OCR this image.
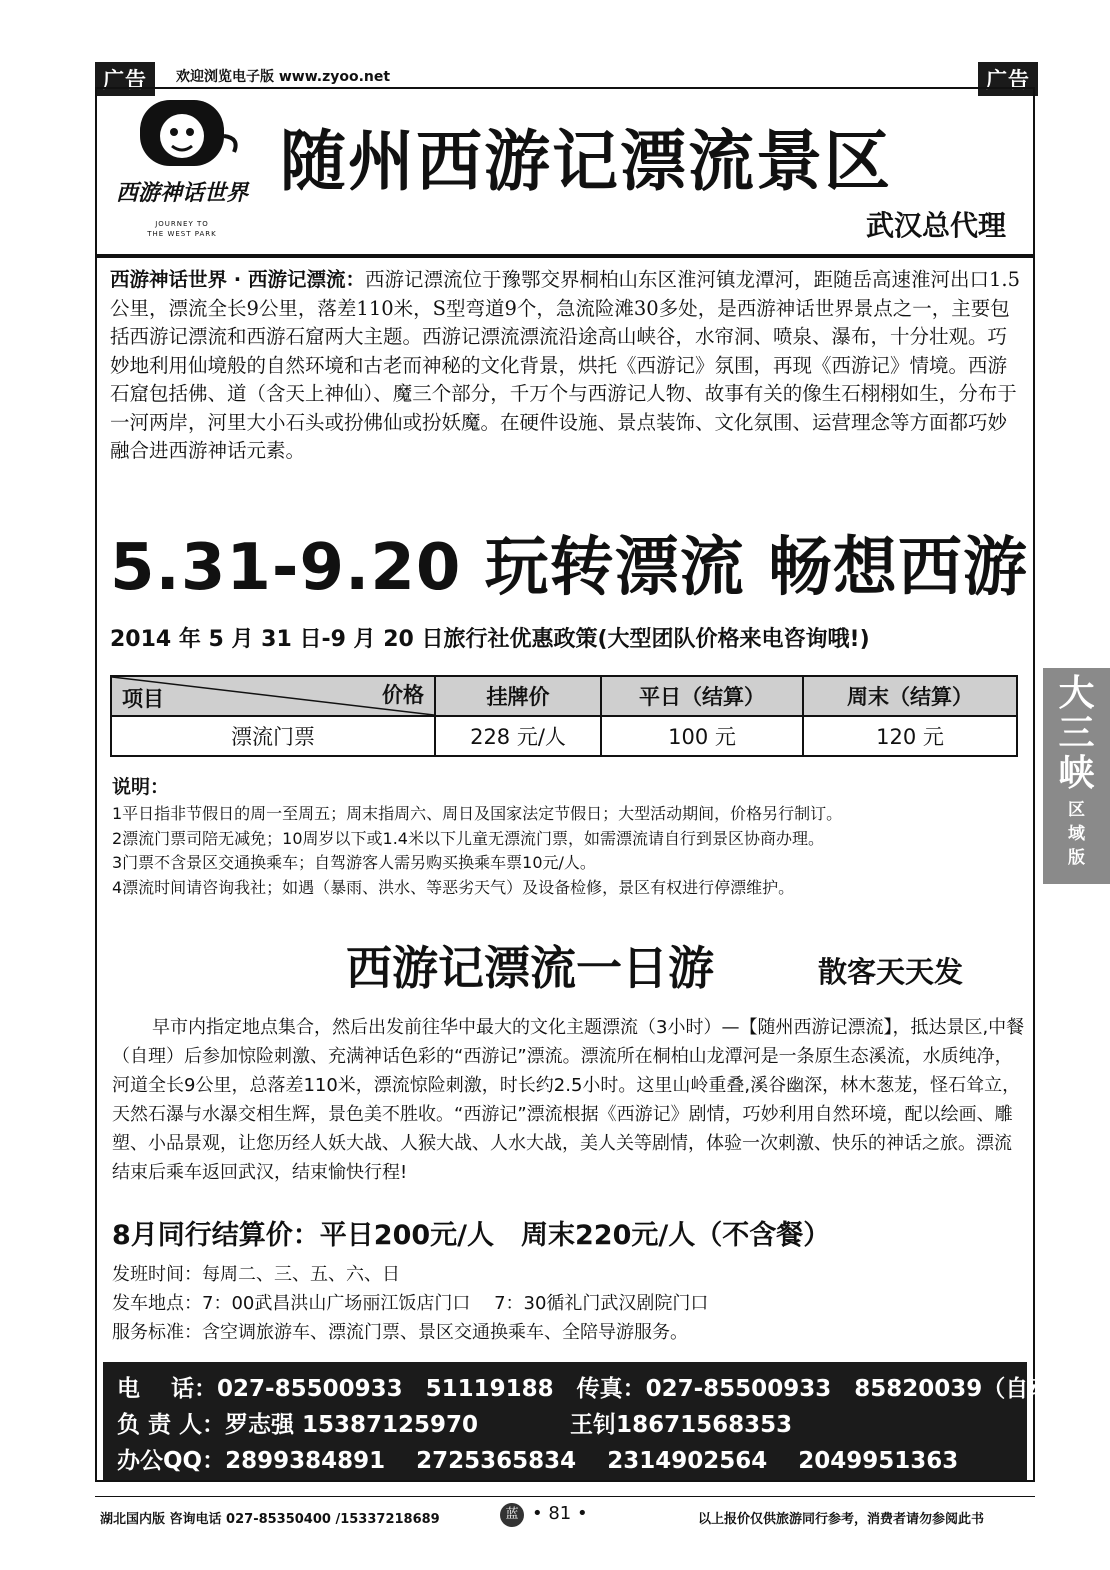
广告	欢迎浏览电子版 www.zyoo.net	广告
西游神话世界
JOURNEY TO
THE WEST PARK
随州西游记漂流景区
武汉总代理
西游神话世界 · 西游记漂流：西游记漂流位于豫鄂交界桐柏山东区淮河镇龙潭河，距随岳高速淮河出口1.5公里，漂流全长9公里，落差110米，S型弯道9个，急流险滩30多处，是西游神话世界景点之一，主要包括西游记漂流和西游石窟两大主题。西游记漂流漂流沿途高山峡谷，水帘洞、喷泉、瀑布，十分壮观。巧妙地利用仙境般的自然环境和古老而神秘的文化背景，烘托《西游记》氛围，再现《西游记》情境。西游石窟包括佛、道（含天上神仙）、魔三个部分，千万个与西游记人物、故事有关的像生石栩栩如生，分布于一河两岸，河里大小石头或扮佛仙或扮妖魔。在硬件设施、景点装饰、文化氛围、运营理念等方面都巧妙融合进西游神话元素。
5.31-9.20 玩转漂流 畅想西游
2014 年 5 月 31 日-9 月 20 日旅行社优惠政策(大型团队价格来电咨询哦!)
项目 价格	挂牌价	平日（结算）	周末（结算）
漂流门票	228 元/人	100 元	120 元
说明：
1平日指非节假日的周一至周五；周末指周六、周日及国家法定节假日；大型活动期间，价格另行制订。
2漂流门票司陪无减免；10周岁以下或1.4米以下儿童无漂流门票，如需漂流请自行到景区协商办理。
3门票不含景区交通换乘车；自驾游客人需另购买换乘车票10元/人。
4漂流时间请咨询我社；如遇（暴雨、洪水、等恶劣天气）及设备检修，景区有权进行停漂维护。
西游记漂流一日游	散客天天发
早市内指定地点集合，然后出发前往华中最大的文化主题漂流（3小时）—【随州西游记漂流】，抵达景区,中餐（自理）后参加惊险刺激、充满神话色彩的“西游记”漂流。漂流所在桐柏山龙潭河是一条原生态溪流，水质纯净，河道全长9公里，总落差110米，漂流惊险刺激，时长约2.5小时。这里山岭重叠,溪谷幽深，林木葱茏，怪石耸立，天然石瀑与水瀑交相生辉，景色美不胜收。“西游记”漂流根据《西游记》剧情，巧妙利用自然环境，配以绘画、雕塑、小品景观，让您历经人妖大战、人猴大战、人水大战，美人关等剧情，体验一次刺激、快乐的神话之旅。漂流结束后乘车返回武汉，结束愉快行程!
8月同行结算价：平日200元/人　周末220元/人（不含餐）
发班时间：每周二、三、五、六、日
发车地点：7：00武昌洪山广场丽江饭店门口　 7：30循礼门武汉剧院门口
服务标准：含空调旅游车、漂流门票、景区交通换乘车、全陪导游服务。
电　 话：027-85500933　51119188　传真：027-85500933　85820039（自动）
负 责 人：罗志强 15387125970　　　　王钊18671568353
办公QQ：2899384891　 2725365834　 2314902564　 2049951363
大
三
峡
区
域
版
湖北国内版 咨询电话 027-85350400 /15337218689	蓝 • 81 •	以上报价仅供旅游同行参考，消费者请勿参阅此书
